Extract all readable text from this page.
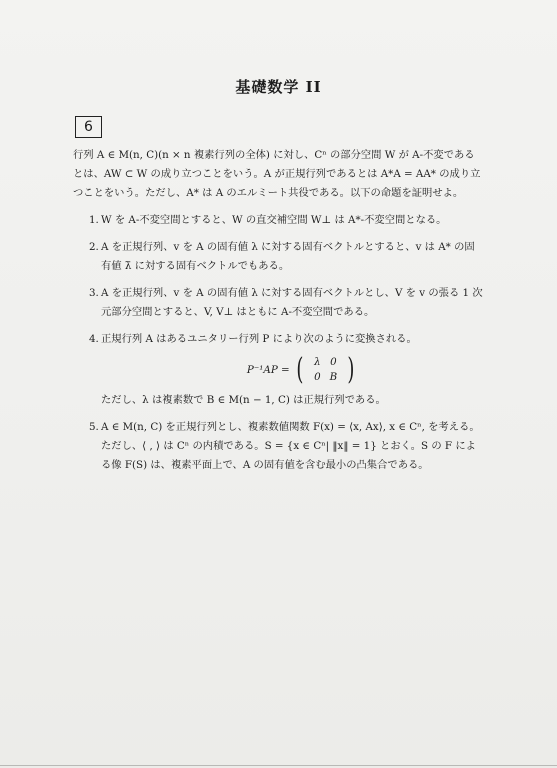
基礎数学 II
6

行列 A ∈ M(n, C)(n × n 複素行列の全体) に対し、Cⁿ の部分空間 W が A-不変である

とは、AW ⊂ W の成り立つことをいう。A が正規行列であるとは A*A = AA* の成り立

つことをいう。ただし、A* は A のエルミート共役である。以下の命題を証明せよ。

1. W を A-不変空間とすると、W の直交補空間 W⊥ は A*-不変空間となる。
2. A を正規行列、v を A の固有値 λ に対する固有ベクトルとすると、v は A* の固
有値 λ̄ に対する固有ベクトルでもある。
3. A を正規行列、v を A の固有値 λ に対する固有ベクトルとし、V を v の張る 1 次
元部分空間とすると、V, V⊥ はともに A-不変空間である。
4. 正規行列 A はあるユニタリー行列 P により次のように変換される。
P⁻¹AP = (	λ 0
0 B )
ただし、λ は複素数で B ∈ M(n − 1, C) は正規行列である。
5. A ∈ M(n, C) を正規行列とし、複素数値関数 F(x) = ⟨x, Ax⟩, x ∈ Cⁿ, を考える。
ただし、⟨ , ⟩ は Cⁿ の内積である。S = {x ∈ Cⁿ| ‖x‖ = 1} とおく。S の F によ
る像 F(S) は、複素平面上で、A の固有値を含む最小の凸集合である。
